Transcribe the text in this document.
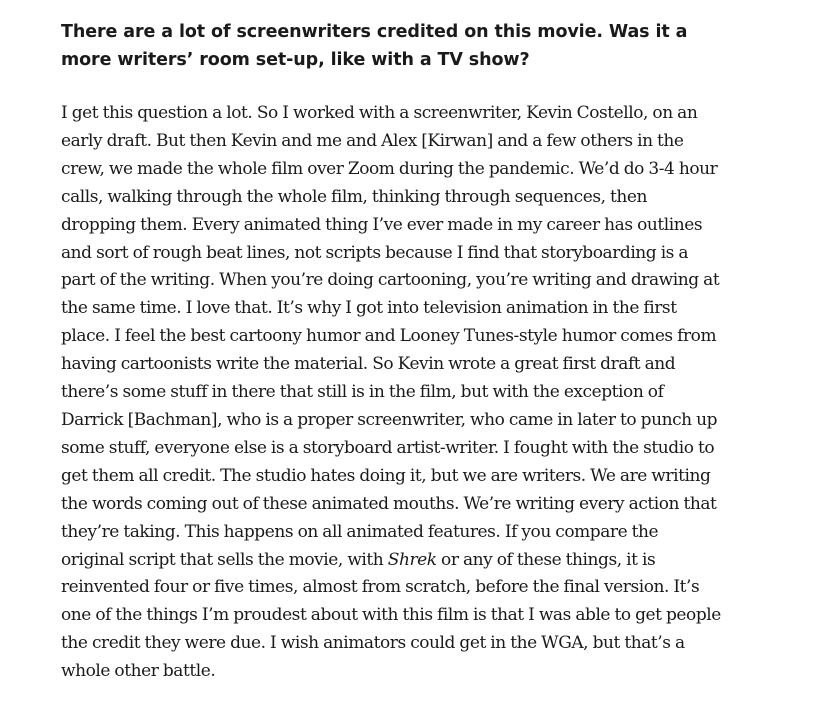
There are a lot of screenwriters credited on this movie. Was it a more writers’ room set-up, like with a TV show?

I get this question a lot. So I worked with a screenwriter, Kevin Costello, on an early draft. But then Kevin and me and Alex [Kirwan] and a few others in the crew, we made the whole film over Zoom during the pandemic. We’d do 3-4 hour calls, walking through the whole film, thinking through sequences, then dropping them. Every animated thing I’ve ever made in my career has outlines and sort of rough beat lines, not scripts because I find that storyboarding is a part of the writing. When you’re doing cartooning, you’re writing and drawing at the same time. I love that. It’s why I got into television animation in the first place. I feel the best cartoony humor and Looney Tunes-style humor comes from having cartoonists write the material. So Kevin wrote a great first draft and there’s some stuff in there that still is in the film, but with the exception of Darrick [Bachman], who is a proper screenwriter, who came in later to punch up some stuff, everyone else is a storyboard artist-writer. I fought with the studio to get them all credit. The studio hates doing it, but we are writers. We are writing the words coming out of these animated mouths. We’re writing every action that they’re taking. This happens on all animated features. If you compare the original script that sells the movie, with Shrek or any of these things, it is reinvented four or five times, almost from scratch, before the final version. It’s one of the things I’m proudest about with this film is that I was able to get people the credit they were due. I wish animators could get in the WGA, but that’s a whole other battle.
